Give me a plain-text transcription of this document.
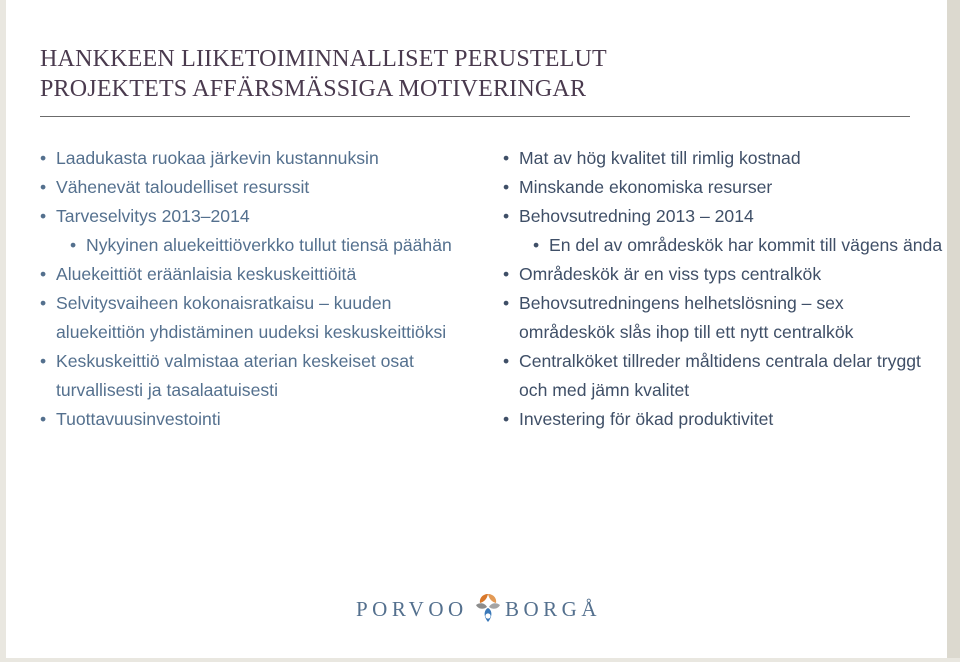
HANKKEEN LIIKETOIMINNALLISET PERUSTELUT
PROJEKTETS AFFÄRSMÄSSIGA MOTIVERINGAR
• Laadukasta ruokaa järkevin kustannuksin
• Vähenevät taloudelliset resurssit
• Tarveselvitys 2013–2014
• Nykyinen aluekeittiöverkko tullut tiensä päähän
• Aluekeittiöt eräänlaisia keskuskeittiöitä
• Selvitysvaiheen kokonaisratkaisu – kuuden aluekeittiön yhdistäminen uudeksi keskuskeittiöksi
• Keskuskeittiö valmistaa aterian keskeiset osat turvallisesti ja tasalaatuisesti
• Tuottavuusinvestointi
• Mat av hög kvalitet till rimlig kostnad
• Minskande ekonomiska resurser
• Behovsutredning 2013 – 2014
• En del av områdeskök har kommit till vägens ända
• Områdeskök är en viss typs centralkök
• Behovsutredningens helhetslösning – sex områdeskök slås ihop till ett nytt centralkök
• Centralköket tillreder måltidens centrala delar tryggt och med jämn kvalitet
• Investering för ökad produktivitet
PORVOO BORGÅ
